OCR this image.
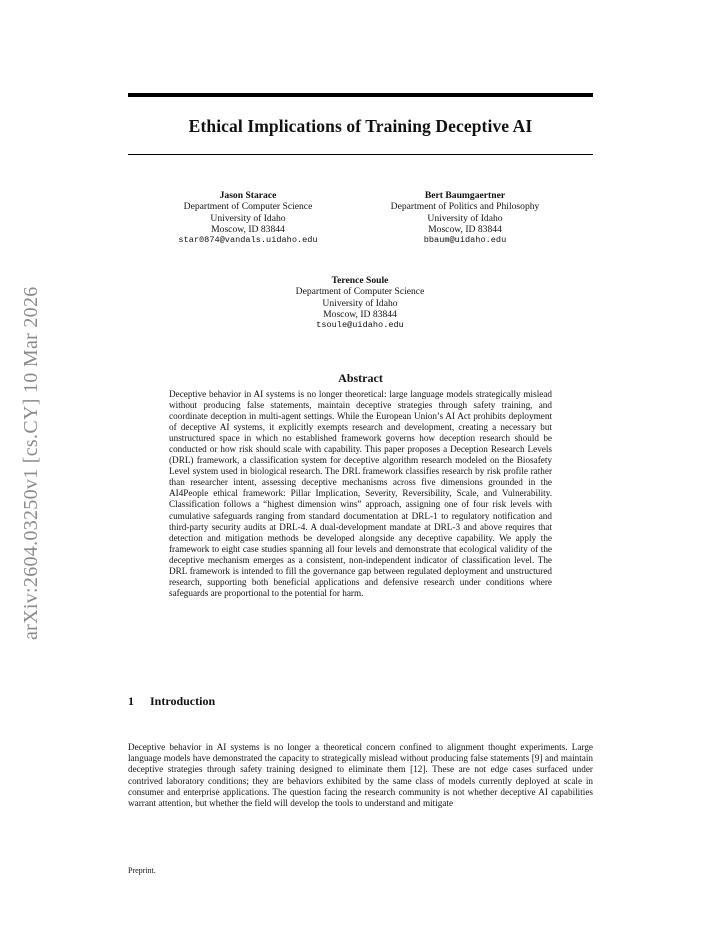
arXiv:2604.03250v1 [cs.CY] 10 Mar 2026
Ethical Implications of Training Deceptive AI
Jason Starace
Department of Computer Science
University of Idaho
Moscow, ID 83844
star0874@vandals.uidaho.edu
Bert Baumgaertner
Department of Politics and Philosophy
University of Idaho
Moscow, ID 83844
bbaum@uidaho.edu
Terence Soule
Department of Computer Science
University of Idaho
Moscow, ID 83844
tsoule@uidaho.edu
Abstract

Deceptive behavior in AI systems is no longer theoretical: large language models strategically mislead without producing false statements, maintain deceptive strategies through safety training, and coordinate deception in multi-agent settings. While the European Union’s AI Act prohibits deployment of deceptive AI systems, it explicitly exempts research and development, creating a necessary but unstructured space in which no established framework governs how deception research should be conducted or how risk should scale with capability. This paper proposes a Deception Research Levels (DRL) framework, a classification system for deceptive algorithm research modeled on the Biosafety Level system used in biological research. The DRL framework classifies research by risk profile rather than researcher intent, assessing deceptive mechanisms across five dimensions grounded in the AI4People ethical framework: Pillar Implication, Severity, Reversibility, Scale, and Vulnerability. Classification follows a “highest dimension wins” approach, assigning one of four risk levels with cumulative safeguards ranging from standard documentation at DRL-1 to regulatory notification and third-party security audits at DRL-4. A dual-development mandate at DRL-3 and above requires that detection and mitigation methods be developed alongside any deceptive capability. We apply the framework to eight case studies spanning all four levels and demonstrate that ecological validity of the deceptive mechanism emerges as a consistent, non-independent indicator of classification level. The DRL framework is intended to fill the governance gap between regulated deployment and unstructured research, supporting both beneficial applications and defensive research under conditions where safeguards are proportional to the potential for harm.

1 Introduction

Deceptive behavior in AI systems is no longer a theoretical concern confined to alignment thought experiments. Large language models have demonstrated the capacity to strategically mislead without producing false statements [9] and maintain deceptive strategies through safety training designed to eliminate them [12]. These are not edge cases surfaced under contrived laboratory conditions; they are behaviors exhibited by the same class of models currently deployed at scale in consumer and enterprise applications. The question facing the research community is not whether deceptive AI capabilities warrant attention, but whether the field will develop the tools to understand and mitigate

Preprint.
